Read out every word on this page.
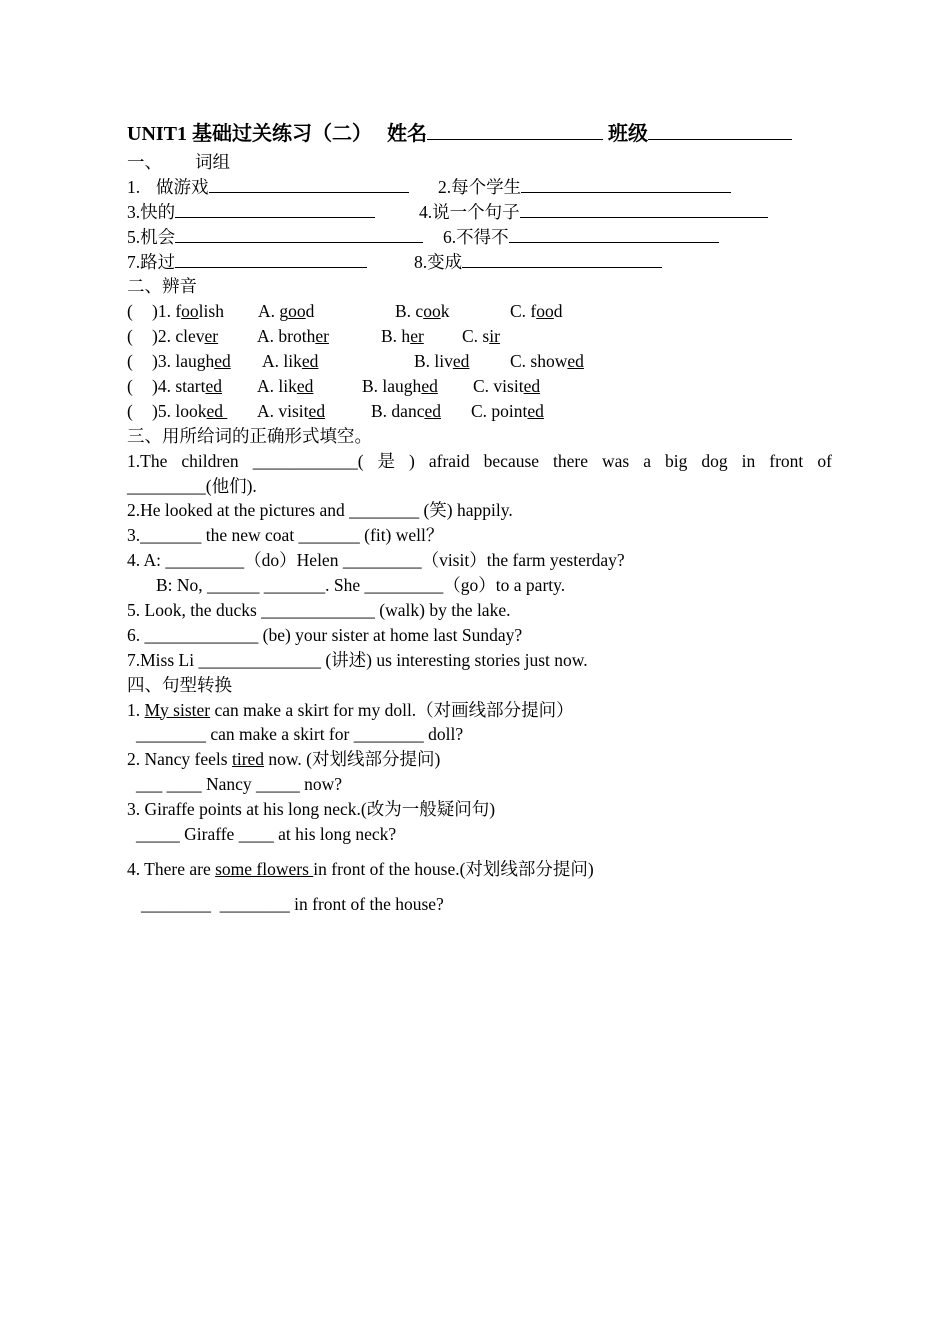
UNIT1 基础过关练习（二） 姓名	班级
一、 词组
1. 做游戏	2.每个学生
3.快的	4.说一个句子
5.机会	6.不得不
7.路过	8.变成
二、辨音
( )1. foolish A. good	B. cook	C. food
( )2. clever A. brother	B. her C. sir
( )3. laughed A. liked	B. lived C. showed
( )4. started A. liked	B. laughed C. visited
( )5. looked A. visited	B. danced C. pointed
三、用所给词的正确形式填空。
1.The children ____________( 是 ) afraid because there was a big dog in front of
_________(他们).
2.He looked at the pictures and ________ (笑) happily.
3._______ the new coat _______ (fit) well？
4. A: _________（do）Helen _________（visit）the farm yesterday?
B: No, ______ _______. She _________（go）to a party.
5. Look, the ducks _____________ (walk) by the lake.
6. _____________ (be) your sister at home last Sunday?
7.Miss Li ______________ (讲述) us interesting stories just now.
四、句型转换
1. My sister can make a skirt for my doll.（对画线部分提问）
________ can make a skirt for ________ doll?
2. Nancy feels tired now. (对划线部分提问)
___ ____ Nancy _____ now?
3. Giraffe points at his long neck.(改为一般疑问句)
_____ Giraffe ____ at his long neck?
4. There are some flowers in front of the house.(对划线部分提问)
________  ________ in front of the house?
